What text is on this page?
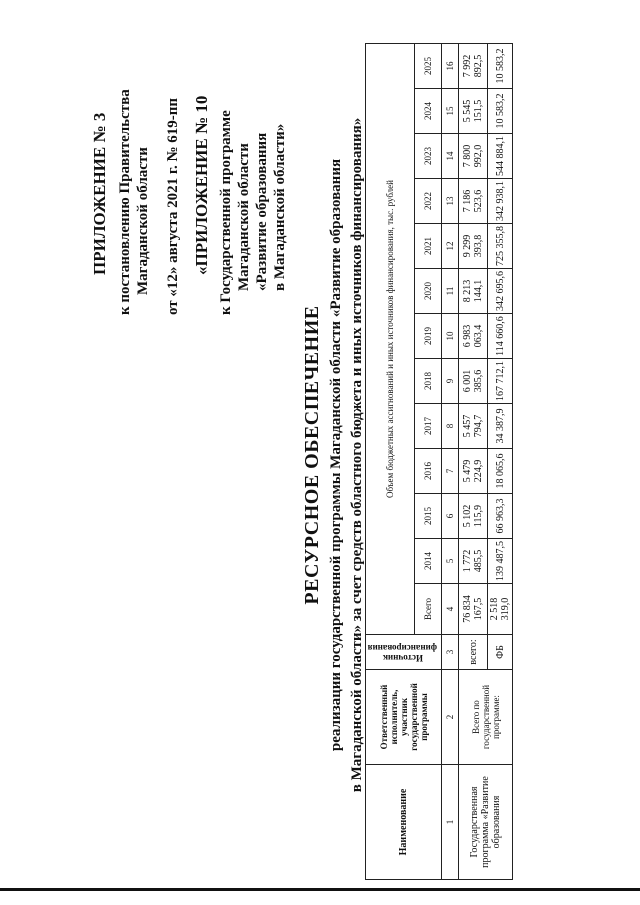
ПРИЛОЖЕНИЕ № 3 к постановлению Правительства Магаданской области от «12» августа 2021 г. № 619-пп «ПРИЛОЖЕНИЕ № 10 к Государственной программе Магаданской области «Развитие образования в Магаданской области»
РЕСУРСНОЕ ОБЕСПЕЧЕНИЕ реализации государственной программы Магаданской области «Развитие образования в Магаданской области» за счет средств областного бюджета и иных источников финансирования»
Наименование	Ответственный исполнитель, участник государственной программы	Источник финансирования	Объем бюджетных ассигнований и иных источников финансирования, тыс. рублей												
			Всего	2014	2015	2016	2017	2018	2019	2020	2021	2022	2023	2024	2025
1	2	3	4	5	6	7	8	9	10	11	12	13	14	15	16
Государственная программа «Развитие образования	Всего по государственной программе:	всего:	76 834 167,5	1 772 485,5	5 102 115,9	5 479 224,9	5 457 794,7	6 001 385,6	6 983 063,4	8 213 144,1	9 299 393,8	7 186 523,6	7 800 992,0	5 545 151,5	7 992 892,5
		ФБ	2 518 319,0	139 487,5	66 963,3	18 065,6	34 387,9	167 712,1	114 660,6	342 695,6	725 355,8	342 938,1	544 884,1	10 583,2	10 583,2
